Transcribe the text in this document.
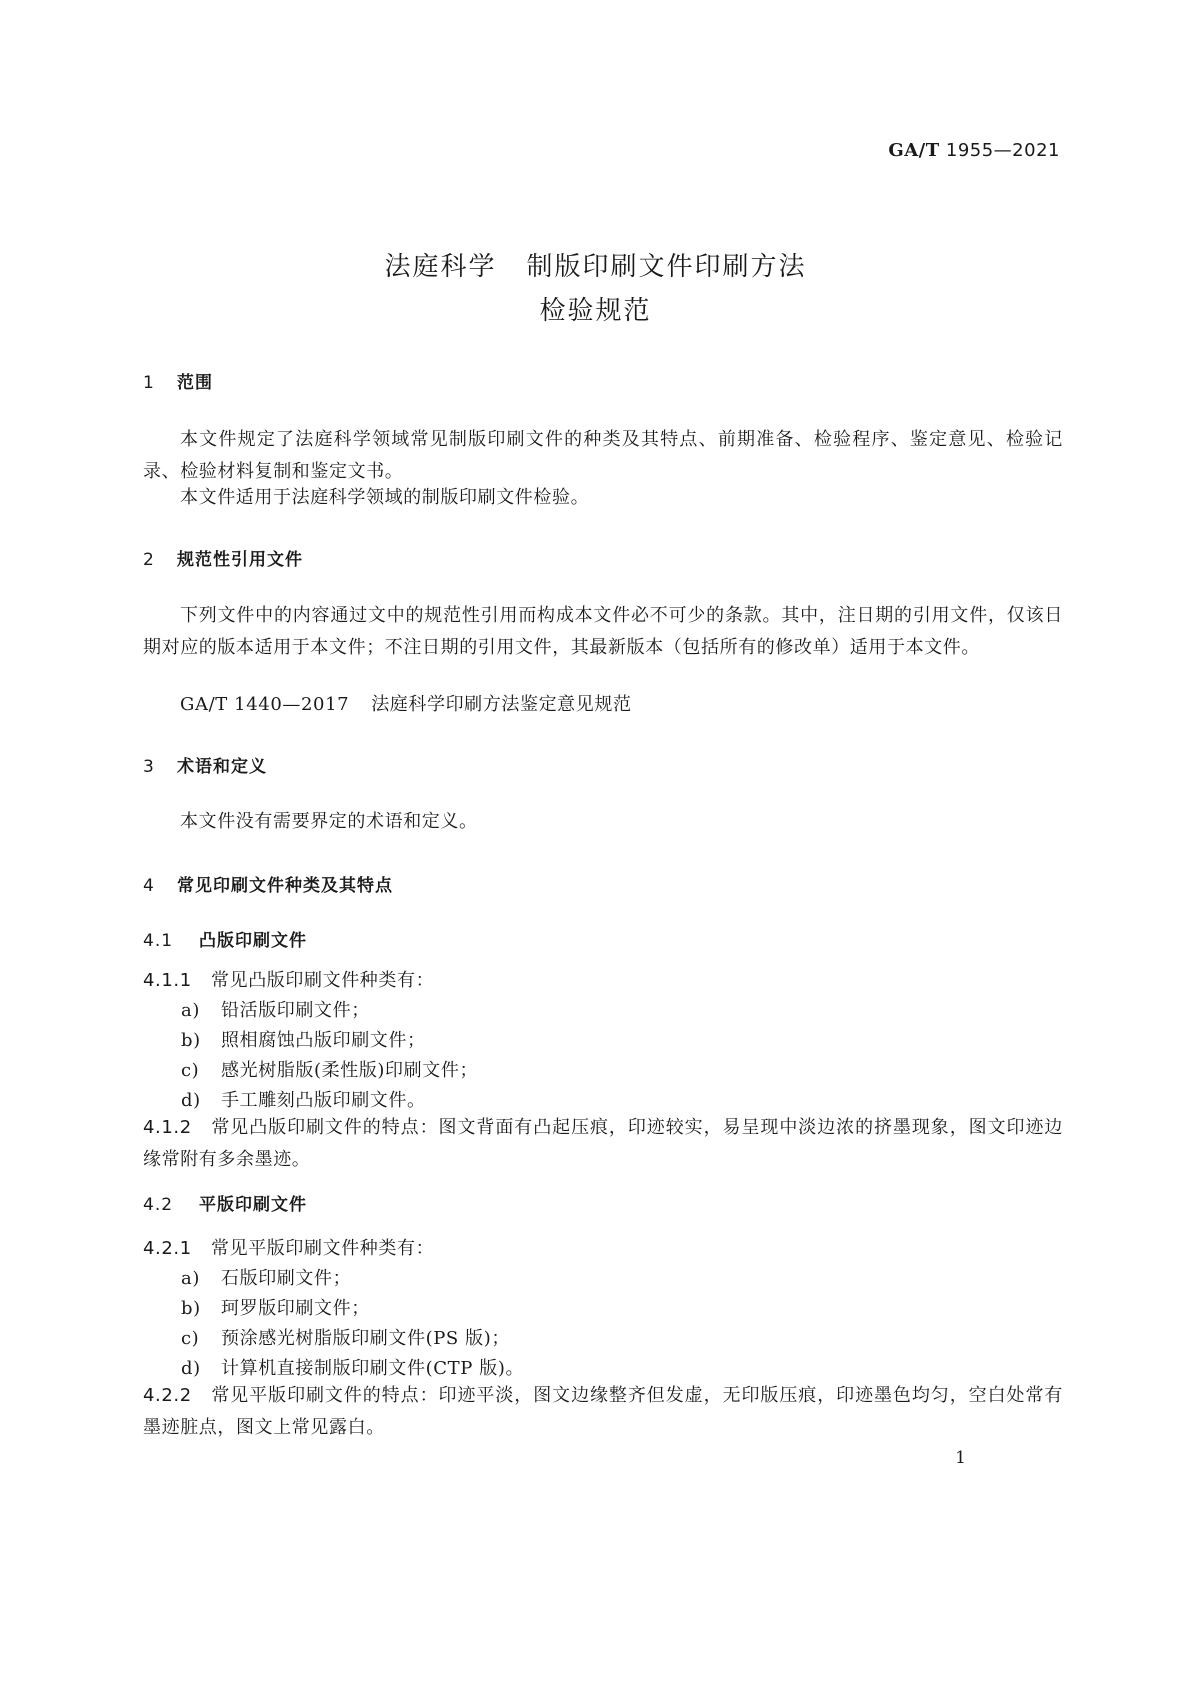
GA/T 1955—2021
法庭科学 制版印刷文件印刷方法
检验规范
1 范围
本文件规定了法庭科学领域常见制版印刷文件的种类及其特点、前期准备、检验程序、鉴定意见、检验记录、检验材料复制和鉴定文书。
本文件适用于法庭科学领域的制版印刷文件检验。
2 规范性引用文件
下列文件中的内容通过文中的规范性引用而构成本文件必不可少的条款。其中，注日期的引用文件，仅该日期对应的版本适用于本文件；不注日期的引用文件，其最新版本（包括所有的修改单）适用于本文件。
GA/T 1440—2017 法庭科学印刷方法鉴定意见规范
3 术语和定义
本文件没有需要界定的术语和定义。
4 常见印刷文件种类及其特点
4.1 凸版印刷文件
4.1.1 常见凸版印刷文件种类有：
a) 铅活版印刷文件；
b) 照相腐蚀凸版印刷文件；
c) 感光树脂版(柔性版)印刷文件；
d) 手工雕刻凸版印刷文件。
4.1.2 常见凸版印刷文件的特点：图文背面有凸起压痕，印迹较实，易呈现中淡边浓的挤墨现象，图文印迹边缘常附有多余墨迹。
4.2 平版印刷文件
4.2.1 常见平版印刷文件种类有：
a) 石版印刷文件；
b) 珂罗版印刷文件；
c) 预涂感光树脂版印刷文件(PS 版)；
d) 计算机直接制版印刷文件(CTP 版)。
4.2.2 常见平版印刷文件的特点：印迹平淡，图文边缘整齐但发虚，无印版压痕，印迹墨色均匀，空白处常有墨迹脏点，图文上常见露白。
1
